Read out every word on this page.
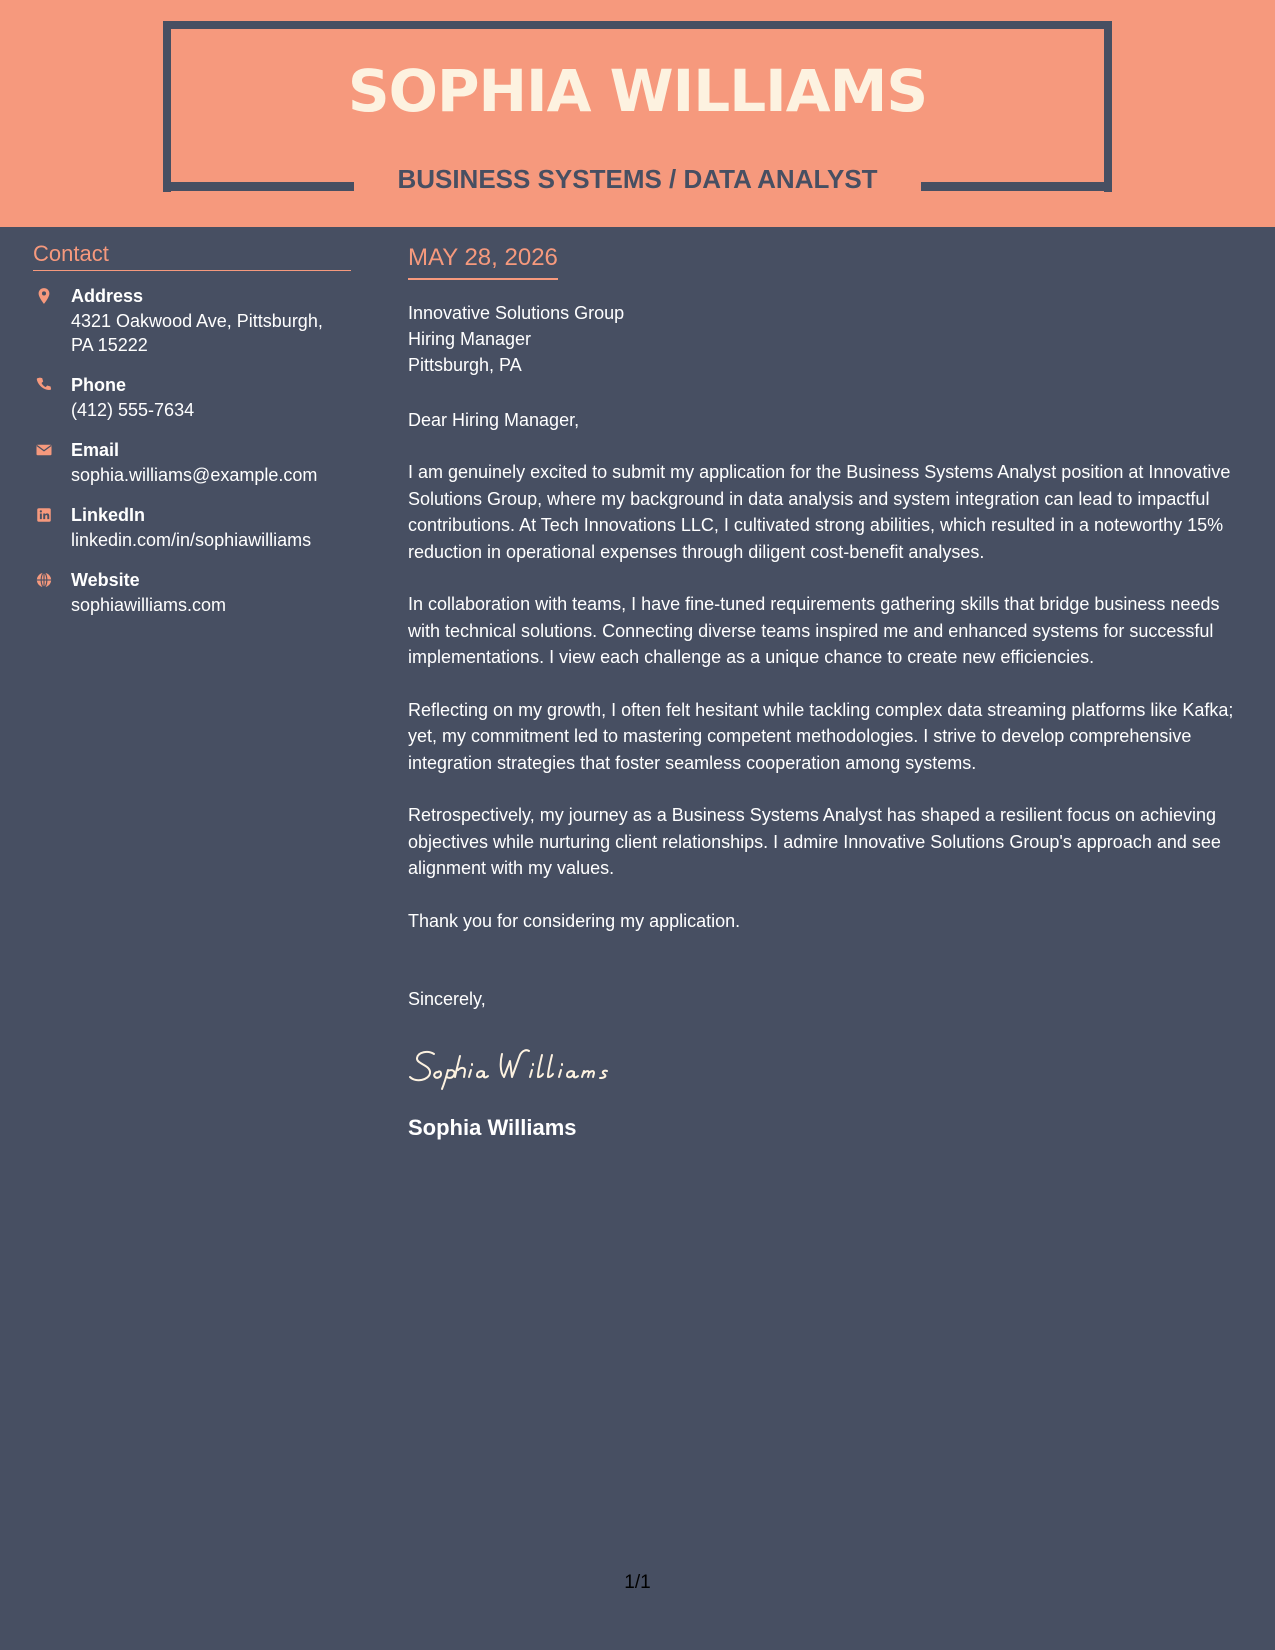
SOPHIA WILLIAMS
BUSINESS SYSTEMS / DATA ANALYST
Contact
Address
4321 Oakwood Ave, Pittsburgh,
PA 15222
Phone
(412) 555-7634
Email
sophia.williams@example.com
LinkedIn
linkedin.com/in/sophiawilliams
Website
sophiawilliams.com
MAY 28, 2026
Innovative Solutions Group
Hiring Manager
Pittsburgh, PA
Dear Hiring Manager,
I am genuinely excited to submit my application for the Business Systems Analyst position at Innovative Solutions Group, where my background in data analysis and system integration can lead to impactful contributions. At Tech Innovations LLC, I cultivated strong abilities, which resulted in a noteworthy 15% reduction in operational expenses through diligent cost-benefit analyses.
In collaboration with teams, I have fine-tuned requirements gathering skills that bridge business needs with technical solutions. Connecting diverse teams inspired me and enhanced systems for successful implementations. I view each challenge as a unique chance to create new efficiencies.
Reflecting on my growth, I often felt hesitant while tackling complex data streaming platforms like Kafka; yet, my commitment led to mastering competent methodologies. I strive to develop comprehensive integration strategies that foster seamless cooperation among systems.
Retrospectively, my journey as a Business Systems Analyst has shaped a resilient focus on achieving objectives while nurturing client relationships. I admire Innovative Solutions Group's approach and see alignment with my values.
Thank you for considering my application.
Sincerely,
Sophia Williams
1/1
